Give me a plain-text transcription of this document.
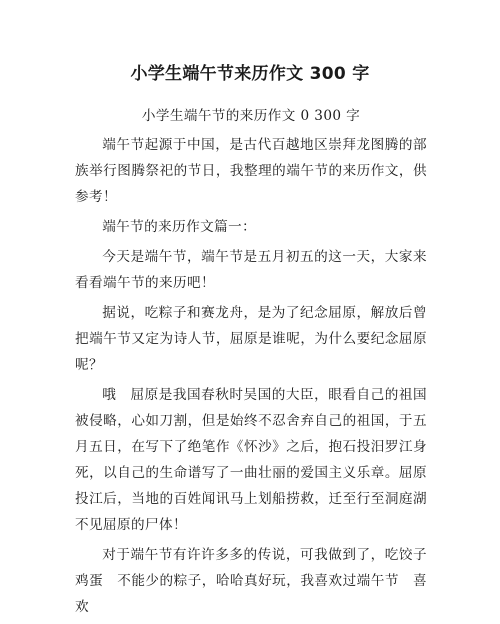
小学生端午节来历作文 300 字

小学生端午节的来历作文 0 300 字

端午节起源于中国，是古代百越地区崇拜龙图腾的部族举行图腾祭祀的节日，我整理的端午节的来历作文，供参考！

端午节的来历作文篇一：

今天是端午节，端午节是五月初五的这一天，大家来看看端午节的来历吧！

据说，吃粽子和赛龙舟，是为了纪念屈原，解放后曾把端午节又定为诗人节，屈原是谁呢，为什么要纪念屈原呢？

哦　屈原是我国春秋时吴国的大臣，眼看自己的祖国被侵略，心如刀割，但是始终不忍舍弃自己的祖国，于五月五日，在写下了绝笔作《怀沙》之后，抱石投汨罗江身死，以自己的生命谱写了一曲壮丽的爱国主义乐章。屈原投江后，当地的百姓闻讯马上划船捞救，迁至行至洞庭湖不见屈原的尸体！

对于端午节有许许多多的传说，可我做到了，吃饺子鸡蛋　不能少的粽子，哈哈真好玩，我喜欢过端午节　喜欢
